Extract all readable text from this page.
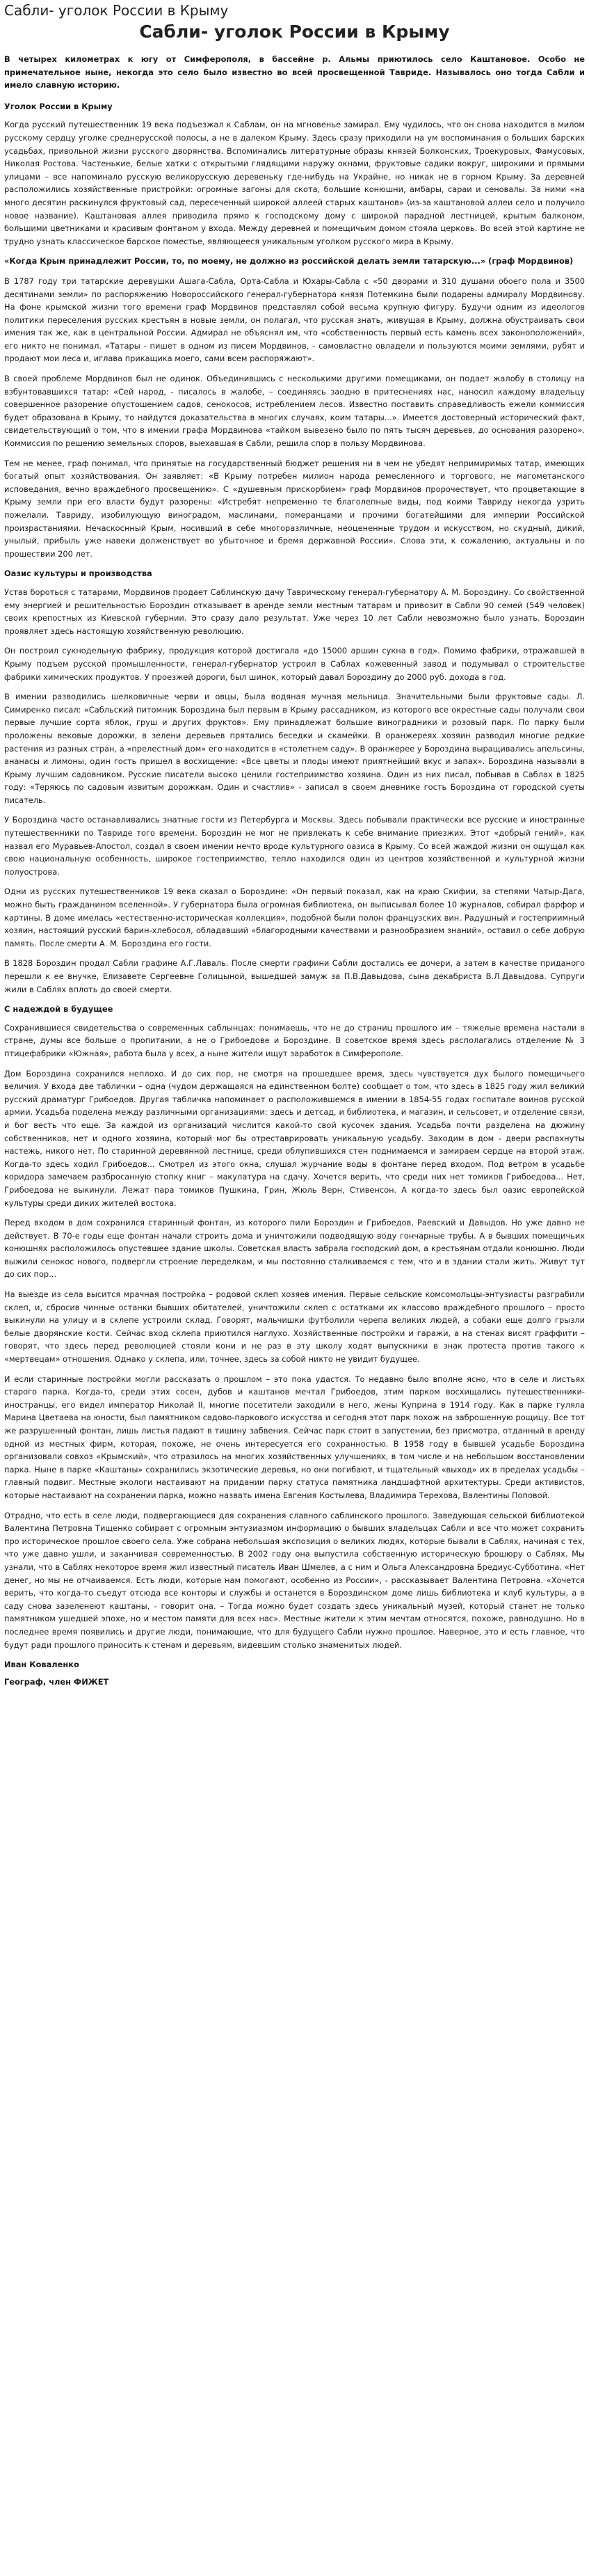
Сабли- уголок России в Крыму
Сабли- уголок России в Крыму

В четырех километрах к югу от Симферополя, в бассейне р. Альмы приютилось село Каштановое. Особо не примечательное ныне, некогда это село было известно во всей просвещенной Тавриде. Называлось оно тогда Сабли и имело славную историю.

Уголок России в Крыму

Когда русский путешественник 19 века подъезжал к Саблам, он на мгновенье замирал. Ему чудилось, что он снова находится в милом русскому сердцу уголке среднерусской полосы, а не в далеком Крыму. Здесь сразу приходили на ум воспоминания о больших барских усадьбах, привольной жизни русского дворянства. Вспоминались литературные образы князей Болконских, Троекуровых, Фамусовых, Николая Ростова. Частенькие, белые хатки с открытыми глядящими наружу окнами, фруктовые садики вокруг, широкими и прямыми улицами – все напоминало русскую великорусскую деревеньку где-нибудь на Украйне, но никак не в горном Крыму. За деревней расположились хозяйственные пристройки: огромные загоны для скота, большие конюшни, амбары, сараи и сеновалы. За ними «на много десятин раскинулся фруктовый сад, пересеченный широкой аллеей старых каштанов» (из-за каштановой аллеи село и получило новое название). Каштановая аллея приводила прямо к господскому дому с широкой парадной лестницей, крытым балконом, большими цветниками и красивым фонтаном у входа. Между деревней и помещичьим домом стояла церковь. Во всей этой картине не трудно узнать классическое барское поместье, являющееся уникальным уголком русского мира в Крыму.

«Когда Крым принадлежит России, то, по моему, не должно из российской делать земли татарскую...» (граф Мордвинов)

В 1787 году три татарские деревушки Ашага-Сабла, Орта-Сабла и Юхары-Сабла с «50 дворами и 310 душами обоего пола и 3500 десятинами земли» по распоряжению Новороссийского генерал-губернатора князя Потемкина были подарены адмиралу Мордвинову. На фоне крымской жизни того времени граф Мордвинов представлял собой весьма крупную фигуру. Будучи одним из идеологов политики переселения русских крестьян в новые земли, он полагал, что русская знать, живущая в Крыму, должна обустраивать свои имения так же, как в центральной России. Адмирал не объяснял им, что «собственность первый есть камень всех законоположений», его никто не понимал. «Татары - пишет в одном из писем Мордвинов, - самовластно овладели и пользуются моими землями, рубят и продают мои леса и, иглава прикащика моего, сами всем распоряжают».

В своей проблеме Мордвинов был не одинок. Объединившись с несколькими другими помещиками, он подает жалобу в столицу на взбунтовавшихся татар: «Сей народ, - писалось в жалобе, – соединяясь заодно в притеснениях нас, наносил каждому владельцу совершенное разорение опустошением садов, сенокосов, истреблением лесов. Известно поставить справедливость ежели коммиссия будет образована в Крыму, то найдутся доказательства в многих случаях, коим татары...». Имеется достоверный исторический факт, свидетельствующий о том, что в имении графа Мордвинова «тайком вывезено было по пять тысяч деревьев, до основания разорено». Коммиссия по решению земельных споров, выехавшая в Сабли, решила спор в пользу Мордвинова.

Тем не менее, граф понимал, что принятые на государственный бюджет решения ни в чем не убедят непримиримых татар, имеющих богатый опыт хозяйствования. Он заявляет: «В Крыму потребен милион народа ремесленного и торгового, не магометанского исповедания, вечно враждебного просвещению». С «душевным прискорбием» граф Мордвинов пророчествует, что процветающие в Крыму земли при его власти будут разорены: «Истребят непременно те благолепные виды, под коими Тавриду некогда узрить пожелали. Тавриду, изобилующую виноградом, маслинами, померанцами и прочими богатейшими для империи Российской произрастаниями. Нечаскоснный Крым, носивший в себе многоразличные, неоцененные трудом и искусством, но скудный, дикий, унылый, прибыль уже навеки долженствует во убыточное и бремя державной России». Слова эти, к сожалению, актуальны и по прошествии 200 лет.

Оазис культуры и производства

Устав бороться с татарами, Мордвинов продает Саблинскую дачу Таврическому генерал-губернатору А. М. Бороздину. Со свойственной ему энергией и решительностью Бороздин отказывает в аренде земли местным татарам и привозит в Сабли 90 семей (549 человек) своих крепостных из Киевской губернии. Это сразу дало результат. Уже через 10 лет Сабли невозможно было узнать. Бороздин проявляет здесь настоящую хозяйственную революцию.

Он построил сукнодельную фабрику, продукция которой достигала «до 15000 аршин сукна в год». Помимо фабрики, отражавшей в Крыму подъем русской промышленности, генерал-губернатор устроил в Саблах кожевенный завод и подумывал о строительстве фабрики химических продуктов. У проезжей дороги, был шинок, который давал Бороздину до 2000 руб. дохода в год.

В имении разводились шелковичные черви и овцы, была водяная мучная мельница. Значительными были фруктовые сады. Л. Симиренко писал: «Сабльский питомник Бороздина был первым в Крыму рассадником, из которого все окрестные сады получали свои первые лучшие сорта яблок, груш и других фруктов». Ему принадлежат большие виноградники и розовый парк. По парку были проложены вековые дорожки, в зелени деревьев прятались беседки и скамейки. В оранжереях хозяин разводил многие редкие растения из разных стран, а «прелестный дом» его находится в «столетнем саду». В оранжерее у Бороздина выращивались апельсины, ананасы и лимоны, один гость пришел в восхищение: «Все цветы и плоды имеют приятнейший вкус и запах». Бороздина называли в Крыму лучшим садовником. Русские писатели высоко ценили гостеприимство хозяина. Один из них писал, побывав в Саблах в 1825 году: «Теряюсь по садовым извитым дорожкам. Один и счастлив» - записал в своем дневнике гость Бороздина от городской суеты писатель.

У Бороздина часто останавливались знатные гости из Петербурга и Москвы. Здесь побывали практически все русские и иностранные путешественники по Тавриде того времени. Бороздин не мог не привлекать к себе внимание приезжих. Этот «добрый гений», как назвал его Муравьев-Апостол, создал в своем имении нечто вроде культурного оазиса в Крыму. Со всей жаждой жизни он ощущал как свою национальную особенность, широкое гостеприимство, тепло находился один из центров хозяйственной и культурной жизни полуострова.

Одни из русских путешественников 19 века сказал о Бороздине: «Он первый показал, как на краю Скифии, за степями Чатыр-Дага, можно быть гражданином вселенной». У губернатора была огромная библиотека, он выписывал более 10 журналов, собирал фарфор и картины. В доме имелась «естественно-историческая коллекция», подобной были полон французских вин. Радушный и гостеприимный хозяин, настоящий русский барин-хлебосол, обладавший «благородными качествами и разнообразием знаний», оставил о себе добрую память. После смерти А. М. Бороздина его гости.

В 1828 Бороздин продал Сабли графине А.Г.Лаваль. После смерти графини Сабли достались ее дочери, а затем в качестве приданого перешли к ее внучке, Елизавете Сергеевне Голицыной, вышедшей замуж за П.В.Давыдова, сына декабриста В.Л.Давыдова. Супруги жили в Саблях вплоть до своей смерти.

С надеждой в будущее

Сохранившиеся свидетельства о современных саблынцах: понимаешь, что не до страниц прошлого им – тяжелые времена настали в стране, думы все больше о пропитании, а не о Грибоедове и Бороздине. В советское время здесь располагались отделение № 3 птицефабрики «Южная», работа была у всех, а ныне жители ищут заработок в Симферополе.

Дом Бороздина сохранился неплохо. И до сих пор, не смотря на прошедшее время, здесь чувствуется дух былого помещичьего величия. У входа две таблички – одна (чудом держащаяся на единственном болте) сообщает о том, что здесь в 1825 году жил великий русский драматург Грибоедов. Другая табличка напоминает о расположившемся в имении в 1854-55 годах госпитале воинов русской армии. Усадьба поделена между различными организациями: здесь и детсад, и библиотека, и магазин, и сельсовет, и отделение связи, и бог весть что еще. За каждой из организаций числится какой-то свой кусочек здания. Усадьба почти разделена на дюжину собственников, нет и одного хозяина, который мог бы отреставрировать уникальную усадьбу. Заходим в дом - двери распахнуты настежь, никого нет. По старинной деревянной лестнице, среди облупившихся стен поднимаемся и замираем сердце на второй этаж. Когда-то здесь ходил Грибоедов... Смотрел из этого окна, слушал журчание воды в фонтане перед входом. Под ветром в усадьбе коридора замечаем разбросанную стопку книг – макулатура на сдачу. Хочется верить, что среди них нет томиков Грибоедова... Нет, Грибоедова не выкинули. Лежат пара томиков Пушкина, Грин, Жюль Верн, Стивенсон. А когда-то здесь был оазис европейской культуры среди диких жителей востока.

Перед входом в дом сохранился старинный фонтан, из которого пили Бороздин и Грибоедов, Раевский и Давыдов. Но уже давно не действует. В 70-е годы еще фонтан начали строить дома и уничтожили подводящую воду гончарные трубы. А в бывших помещичьих конюшнях расположилось опустевшее здание школы. Советская власть забрала господский дом, а крестьянам отдали конюшню. Люди выжили сенокос нового, подвергли строение переделкам, и мы постоянно сталкиваемся с тем, что и в здании стали жить. Живут тут до сих пор...

На выезде из села высится мрачная постройка – родовой склеп хозяев имения. Первые сельские комсомольцы-энтузиасты разграбили склеп, и, сбросив чинные останки бывших обитателей, уничтожили склеп с остатками их классово враждебного прошлого – просто выкинули на улицу и в склепе устроили склад. Говорят, мальчишки футболили черепа великих людей, а собаки еще долго грызли белые дворянские кости. Сейчас вход склепа приютился наглухо. Хозяйственные постройки и гаражи, а на стенах висят граффити – говорят, что здесь перед революцией стояли кони и не раз в эту школу ходят выпускники в знак протеста против такого к «мертвецам» отношения. Однако у склепа, или, точнее, здесь за собой никто не увидит будущее.

И если старинные постройки могли рассказать о прошлом – это пока удастся. То недавно было вполне ясно, что в селе и листьях старого парка. Когда-то, среди этих сосен, дубов и каштанов мечтал Грибоедов, этим парком восхищались путешественники-иностранцы, его видел император Николай II, многие посетители заходили в него, жены Куприна в 1914 году. Как в парке гуляла Марина Цветаева на юности, был памятником садово-паркового искусства и сегодня этот парк похож на заброшенную рощицу. Все тот же разрушенный фонтан, лишь листья падают в тишину забвения. Сейчас парк стоит в запустении, без присмотра, отданный в аренду одной из местных фирм, которая, похоже, не очень интересуется его сохранностью. В 1958 году в бывшей усадьбе Бороздина организовали совхоз «Крымский», что отразилось на многих хозяйственных улучшениях, в том числе и на небольшом восстановлении парка. Ныне в парке «Каштаны» сохранились экзотические деревья, но они погибают, и тщательный «выход» их в пределах усадьбы – главный подвиг. Местные экологи настаивают на придании парку статуса памятника ландшафтной архитектуры. Среди активистов, которые настаивают на сохранении парка, можно назвать имена Евгения Костылева, Владимира Терехова, Валентины Поповой.

Отрадно, что есть в селе люди, подвергающиеся для сохранения славного саблинского прошлого. Заведующая сельской библиотекой Валентина Петровна Тищенко собирает с огромным энтузиазмом информацию о бывших владельцах Сабли и все что может сохранить про историческое прошлое своего села. Уже собрана небольшая экспозиция о великих людях, которые бывали в Саблях, начиная с тех, что уже давно ушли, и заканчивая современностью. В 2002 году она выпустила собственную историческую брошюру о Саблях. Мы узнали, что в Саблях некоторое время жил известный писатель Иван Шмелев, а с ним и Ольга Александровна Бредиус-Субботина. «Нет денег, но мы не отчаиваемся. Есть люди, которые нам помогают, особенно из России», - рассказывает Валентина Петровна. «Хочется верить, что когда-то съедут отсюда все конторы и службы и останется в Бороздинском доме лишь библиотека и клуб культуры, а в саду снова зазеленеют каштаны, - говорит она. – Тогда можно будет создать здесь уникальный музей, который станет не только памятником ушедшей эпохе, но и местом памяти для всех нас». Местные жители к этим мечтам относятся, похоже, равнодушно. Но в последнее время появились и другие люди, понимающие, что для будущего Сабли нужно прошлое. Наверное, это и есть главное, что будут ради прошлого приносить к стенам и деревьям, видевшим столько знаменитых людей.

Иван Коваленко
Географ, член ФИЖЕТ
